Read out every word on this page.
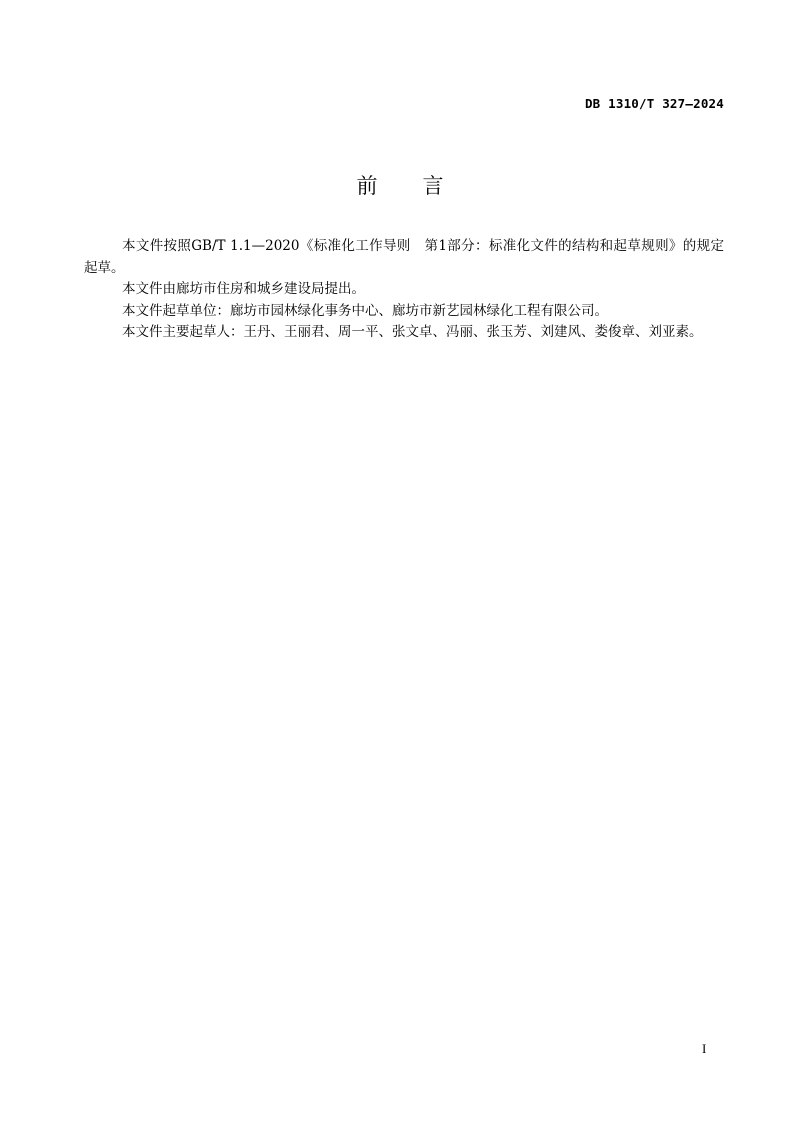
DB 1310/T 327—2024
前言

本文件按照GB/T 1.1—2020《标准化工作导则　第1部分：标准化文件的结构和起草规则》的规定起草。

本文件由廊坊市住房和城乡建设局提出。

本文件起草单位：廊坊市园林绿化事务中心、廊坊市新艺园林绿化工程有限公司。

本文件主要起草人：王丹、王丽君、周一平、张文卓、冯丽、张玉芳、刘建风、娄俊章、刘亚素。

I
